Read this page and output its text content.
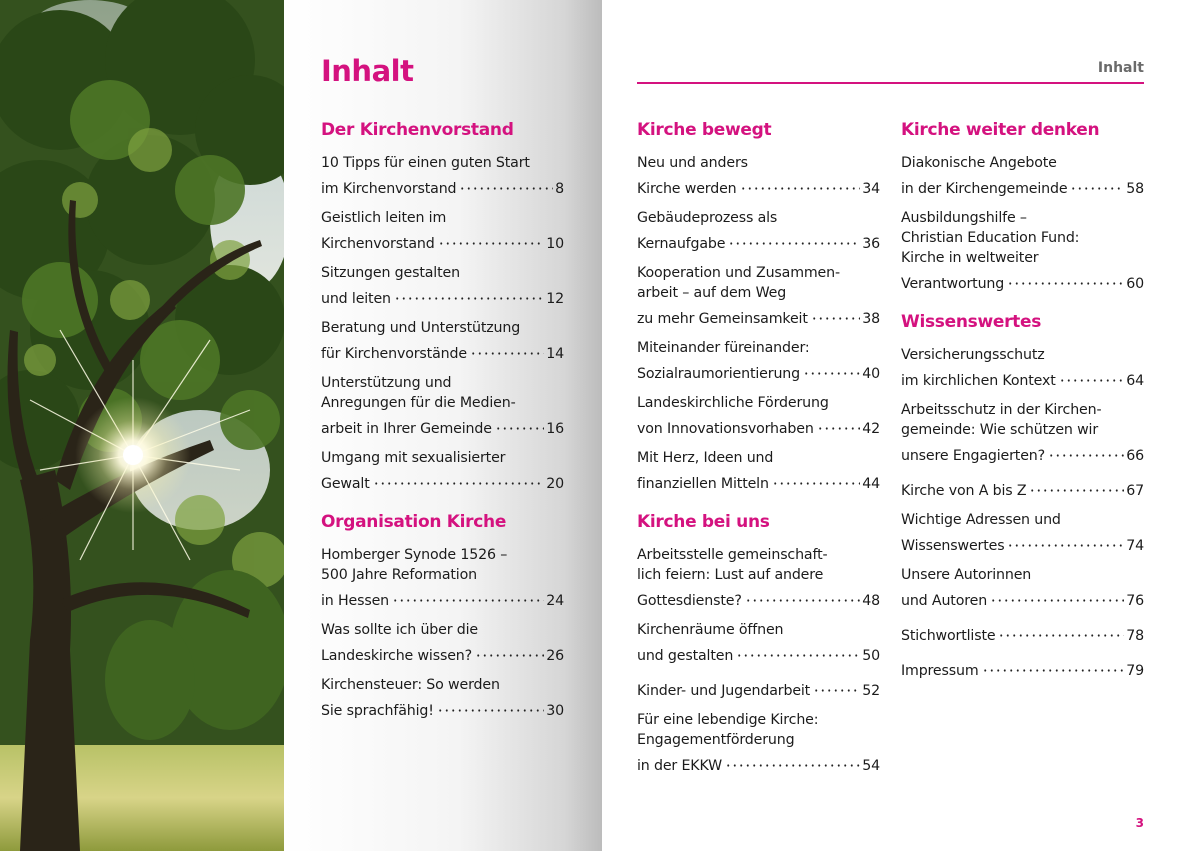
Inhalt
Der Kirchenvorstand
10 Tipps für einen guten Start
im Kirchenvorstand	8
Geistlich leiten im
Kirchenvorstand	10
Sitzungen gestalten
und leiten	12
Beratung und Unterstützung
für Kirchenvorstände	14
Unterstützung und
Anregungen für die Medien-
arbeit in Ihrer Gemeinde	16
Umgang mit sexualisierter
Gewalt	20
Organisation Kirche
Homberger Synode 1526 –
500 Jahre Reformation
in Hessen	24
Was sollte ich über die
Landeskirche wissen?	26
Kirchensteuer: So werden
Sie sprachfähig!	30
Inhalt
Kirche bewegt
Neu und anders
Kirche werden	34
Gebäudeprozess als
Kernaufgabe	36
Kooperation und Zusammen-
arbeit – auf dem Weg
zu mehr Gemeinsamkeit	38
Miteinander füreinander:
Sozialraumorientierung	40
Landeskirchliche Förderung
von Innovationsvorhaben	42
Mit Herz, Ideen und
finanziellen Mitteln	44
Kirche bei uns
Arbeitsstelle gemeinschaft-
lich feiern: Lust auf andere
Gottesdienste?	48
Kirchenräume öffnen
und gestalten	50
Kinder- und Jugendarbeit	52
Für eine lebendige Kirche:
Engagementförderung
in der EKKW	54
Kirche weiter denken
Diakonische Angebote
in der Kirchengemeinde	58
Ausbildungshilfe –
Christian Education Fund:
Kirche in weltweiter
Verantwortung	60
Wissenswertes
Versicherungsschutz
im kirchlichen Kontext	64
Arbeitsschutz in der Kirchen-
gemeinde: Wie schützen wir
unsere Engagierten?	66
Kirche von A bis Z	67
Wichtige Adressen und
Wissenswertes	74
Unsere Autorinnen
und Autoren	76
Stichwortliste	78
Impressum	79
3
